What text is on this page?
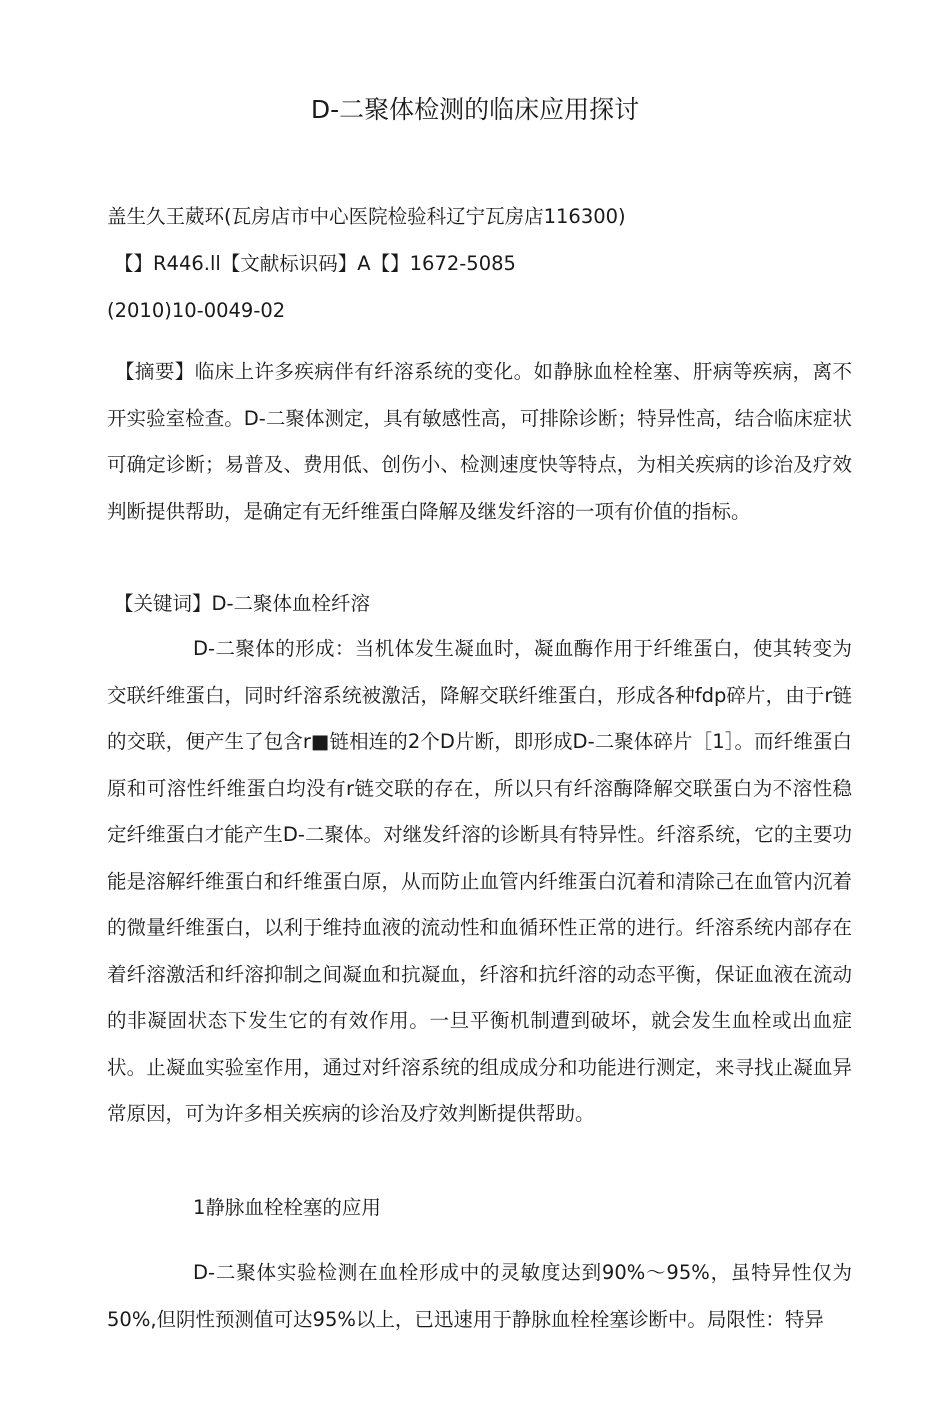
D-二聚体检测的临床应用探讨
盖生久王葳环(瓦房店市中心医院检验科辽宁瓦房店116300)
【】R446.ll【文献标识码】A【】1672-5085
(2010)10-0049-02

【摘要】临床上许多疾病伴有纤溶系统的变化。如静脉血栓栓塞、肝病等疾病，离不开实验室检查。D-二聚体测定，具有敏感性高，可排除诊断；特异性高，结合临床症状可确定诊断；易普及、费用低、创伤小、检测速度快等特点，为相关疾病的诊治及疗效判断提供帮助，是确定有无纤维蛋白降解及继发纤溶的一项有价值的指标。

【关键词】D-二聚体血栓纤溶

D-二聚体的形成：当机体发生凝血时，凝血酶作用于纤维蛋白，使其转变为交联纤维蛋白，同时纤溶系统被激活，降解交联纤维蛋白，形成各种fdp碎片，由于r链的交联，便产生了包含r■链相连的2个D片断，即形成D-二聚体碎片［1］。而纤维蛋白原和可溶性纤维蛋白均没有r链交联的存在，所以只有纤溶酶降解交联蛋白为不溶性稳定纤维蛋白才能产生D-二聚体。对继发纤溶的诊断具有特异性。纤溶系统，它的主要功能是溶解纤维蛋白和纤维蛋白原，从而防止血管内纤维蛋白沉着和清除己在血管内沉着的微量纤维蛋白，以利于维持血液的流动性和血循环性正常的进行。纤溶系统内部存在着纤溶激活和纤溶抑制之间凝血和抗凝血，纤溶和抗纤溶的动态平衡，保证血液在流动的非凝固状态下发生它的有效作用。一旦平衡机制遭到破坏，就会发生血栓或出血症状。止凝血实验室作用，通过对纤溶系统的组成成分和功能进行测定，来寻找止凝血异常原因，可为许多相关疾病的诊治及疗效判断提供帮助。

1静脉血栓栓塞的应用

D-二聚体实验检测在血栓形成中的灵敏度达到90%〜95%，虽特异性仅为50%,但阴性预测值可达95%以上，已迅速用于静脉血栓栓塞诊断中。局限性：特异
